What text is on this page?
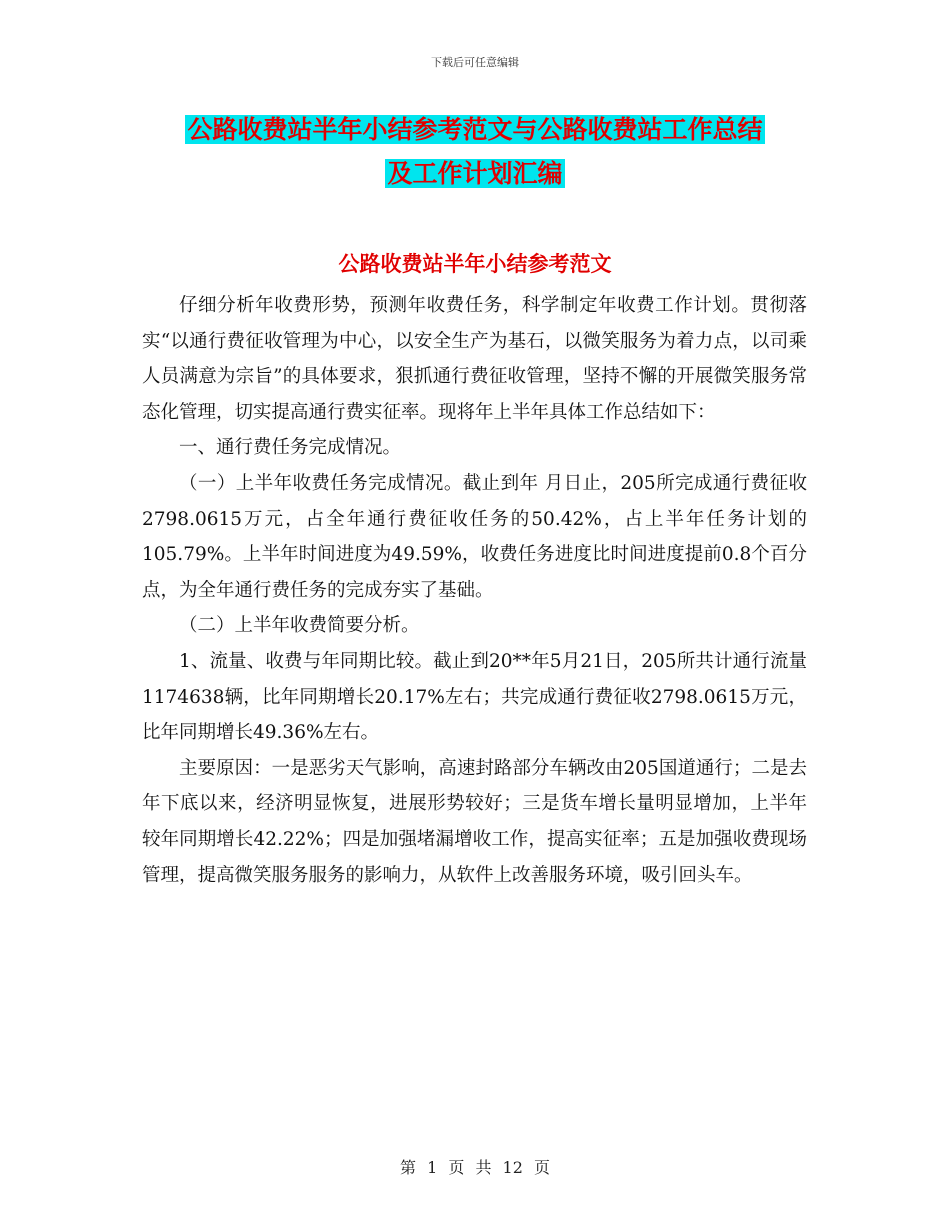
下载后可任意编辑
公路收费站半年小结参考范文与公路收费站工作总结
及工作计划汇编
公路收费站半年小结参考范文

仔细分析年收费形势，预测年收费任务，科学制定年收费工作计划。贯彻落实“以通行费征收管理为中心，以安全生产为基石，以微笑服务为着力点，以司乘人员满意为宗旨”的具体要求，狠抓通行费征收管理，坚持不懈的开展微笑服务常态化管理，切实提高通行费实征率。现将年上半年具体工作总结如下：

一、通行费任务完成情况。

（一）上半年收费任务完成情况。截止到年 月日止，205所完成通行费征收2798.0615万元，占全年通行费征收任务的50.42%，占上半年任务计划的105.79%。上半年时间进度为49.59%，收费任务进度比时间进度提前0.8个百分点，为全年通行费任务的完成夯实了基础。

（二）上半年收费简要分析。

1、流量、收费与年同期比较。截止到20**年5月21日，205所共计通行流量1174638辆，比年同期增长20.17%左右；共完成通行费征收2798.0615万元，比年同期增长49.36%左右。

主要原因：一是恶劣天气影响，高速封路部分车辆改由205国道通行；二是去年下底以来，经济明显恢复，进展形势较好；三是货车增长量明显增加，上半年较年同期增长42.22%；四是加强堵漏增收工作，提高实征率；五是加强收费现场管理，提高微笑服务服务的影响力，从软件上改善服务环境，吸引回头车。

第 1 页 共 12 页
